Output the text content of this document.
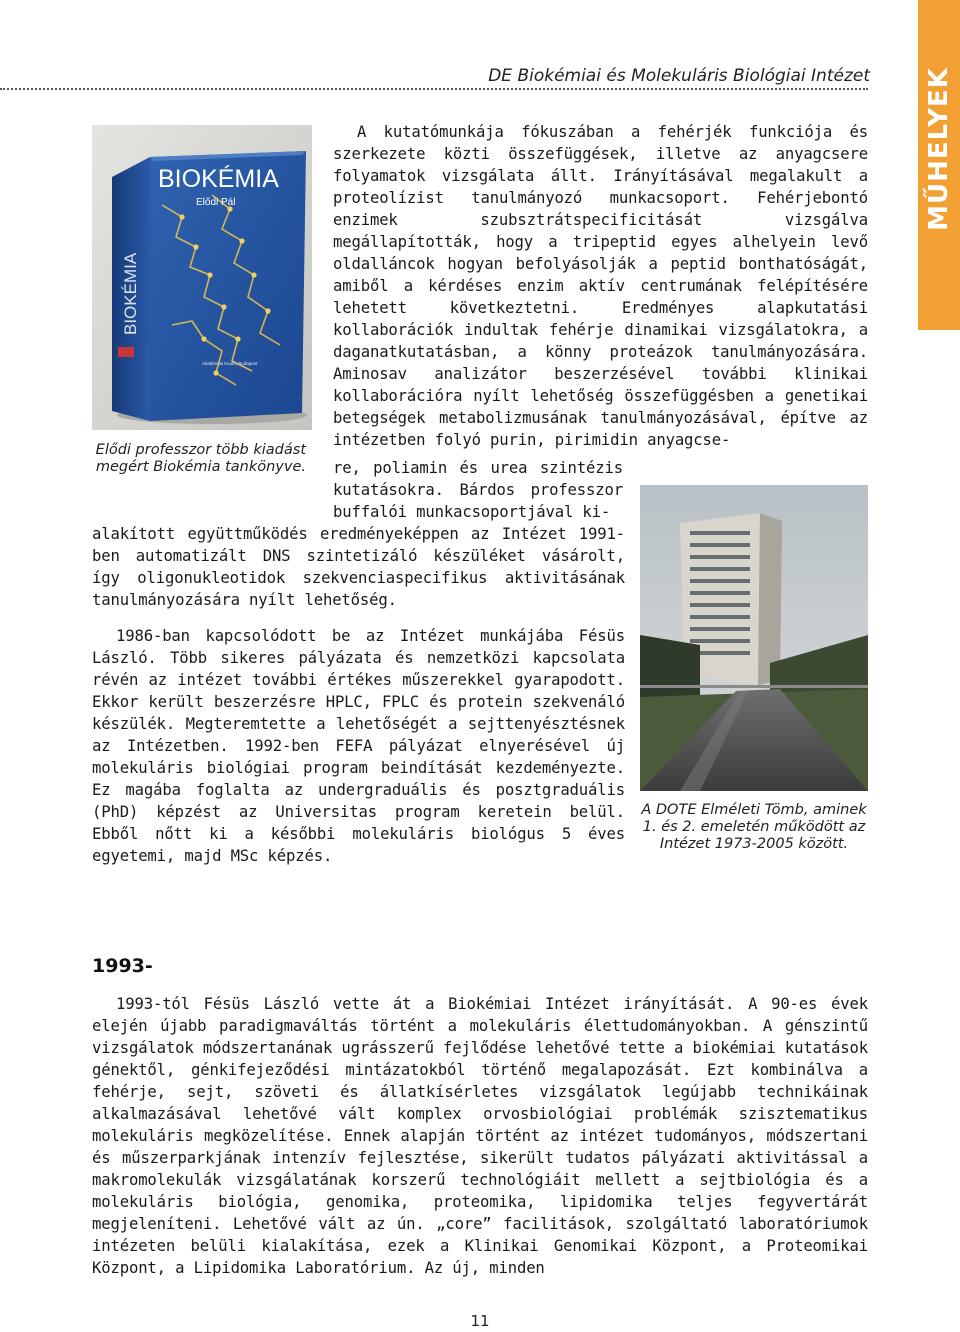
DE Biokémiai és Molekuláris Biológiai Intézet MŰHELYEK
BIOKÉMIA
Elődi Pál
Akadémiai Kiadó, Budapest
BIOKÉMIA
Elődi professzor több kiadást megért Biokémia tankönyve.

A kutatómunkája fókuszában a fehérjék funkciója és szerkezete közti összefüggések, illetve az anyagcsere folyamatok vizsgálata állt. Irányításával megalakult a proteolízist tanulmányozó munkacsoport. Fehérjebontó enzimek szubsztrátspecificitását vizsgálva megállapították, hogy a tripeptid egyes alhelyein levő oldalláncok hogyan befolyásolják a peptid bonthatóságát, amiből a kérdéses enzim aktív centrumának felépítésére lehetett következtetni. Eredményes alapkutatási kollaborációk indultak fehérje dinamikai vizsgálatokra, a daganatkutatásban, a könny proteázok tanulmányozására. Aminosav analizátor beszerzésével további klinikai kollaborációra nyílt lehetőség összefüggésben a genetikai betegségek metabolizmusának tanulmányozásával, építve az intézetben folyó purin, pirimidin anyagcse-

re, poliamin és urea szintézis kutatásokra. Bárdos professzor buffalói munkacsoportjával ki-
alakított együttműködés eredményeképpen az Intézet 1991-ben automatizált DNS szintetizáló készüléket vásárolt, így oligonukleotidok szekvenciaspecifikus aktivitásának tanulmányozására nyílt lehetőség.
A DOTE Elméleti Tömb, aminek 1. és 2. emeletén működött az Intézet 1973-2005 között.
1986-ban kapcsolódott be az Intézet munkájába Fésüs László. Több sikeres pályázata és nemzetközi kapcsolata révén az intézet további értékes műszerekkel gyarapodott. Ekkor került beszerzésre HPLC, FPLC és protein szekvenáló készülék. Megteremtette a lehetőségét a sejttenyésztésnek az Intézetben. 1992-ben FEFA pályázat elnyerésével új molekuláris biológiai program beindítását kezdeményezte. Ez magába foglalta az undergraduális és posztgraduális (PhD) képzést az Universitas program keretein belül. Ebből nőtt ki a későbbi molekuláris biológus 5 éves egyetemi, majd MSc képzés.
1993-
1993-tól Fésüs László vette át a Biokémiai Intézet irányítását. A 90-es évek elején újabb paradigmaváltás történt a molekuláris élettudományokban. A génszintű vizsgálatok módszertanának ugrásszerű fejlődése lehetővé tette a biokémiai kutatások génektől, génkifejeződési mintázatokból történő megalapozását. Ezt kombinálva a fehérje, sejt, szöveti és állatkísérletes vizsgálatok legújabb technikáinak alkalmazásával lehetővé vált komplex orvosbiológiai problémák szisztematikus molekuláris megközelítése. Ennek alapján történt az intézet tudományos, módszertani és műszerparkjának intenzív fejlesztése, sikerült tudatos pályázati aktivitással a makromolekulák vizsgálatának korszerű technológiáit mellett a sejtbiológia és a molekuláris biológia, genomika, proteomika, lipidomika teljes fegyvertárát megjeleníteni. Lehetővé vált az ún. „core” facilitások, szolgáltató laboratóriumok intézeten belüli kialakítása, ezek a Klinikai Genomikai Központ, a Proteomikai Központ, a Lipidomika Laboratórium. Az új, minden
11
